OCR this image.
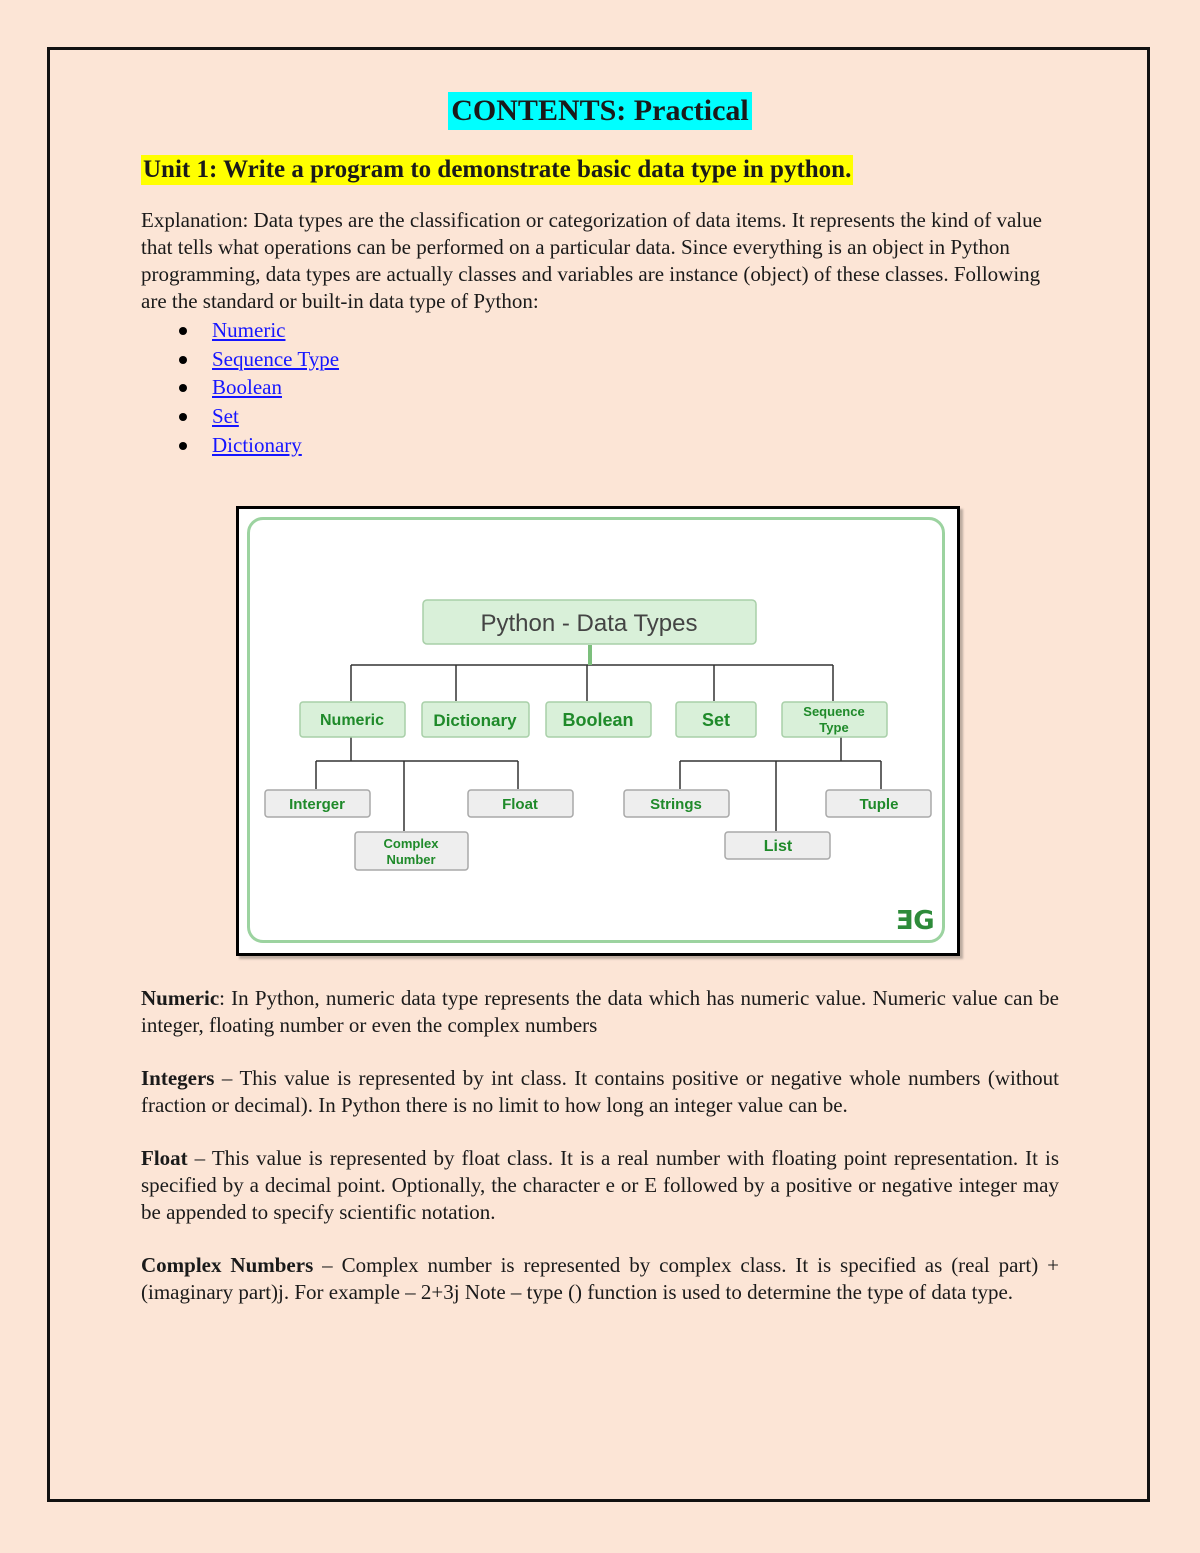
CONTENTS: Practical
Unit 1: Write a program to demonstrate basic data type in python.
Explanation: Data types are the classification or categorization of data items. It represents the kind of value that tells what operations can be performed on a particular data. Since everything is an object in Python programming, data types are actually classes and variables are instance (object) of these classes. Following are the standard or built-in data type of Python:
Numeric
Sequence Type
Boolean
Set
Dictionary
Python - Data Types
Numeric	Dictionary	Boolean	Set	Sequence
Type
Interger
Complex
Number
Float	Strings
List
Tuple
ƎG

Numeric: In Python, numeric data type represents the data which has numeric value. Numeric value can be integer, floating number or even the complex numbers

Integers – This value is represented by int class. It contains positive or negative whole numbers (without fraction or decimal). In Python there is no limit to how long an integer value can be.

Float – This value is represented by float class. It is a real number with floating point representation. It is specified by a decimal point. Optionally, the character e or E followed by a positive or negative integer may be appended to specify scientific notation.

Complex Numbers – Complex number is represented by complex class. It is specified as (real part) + (imaginary part)j. For example – 2+3j Note – type () function is used to determine the type of data type.
